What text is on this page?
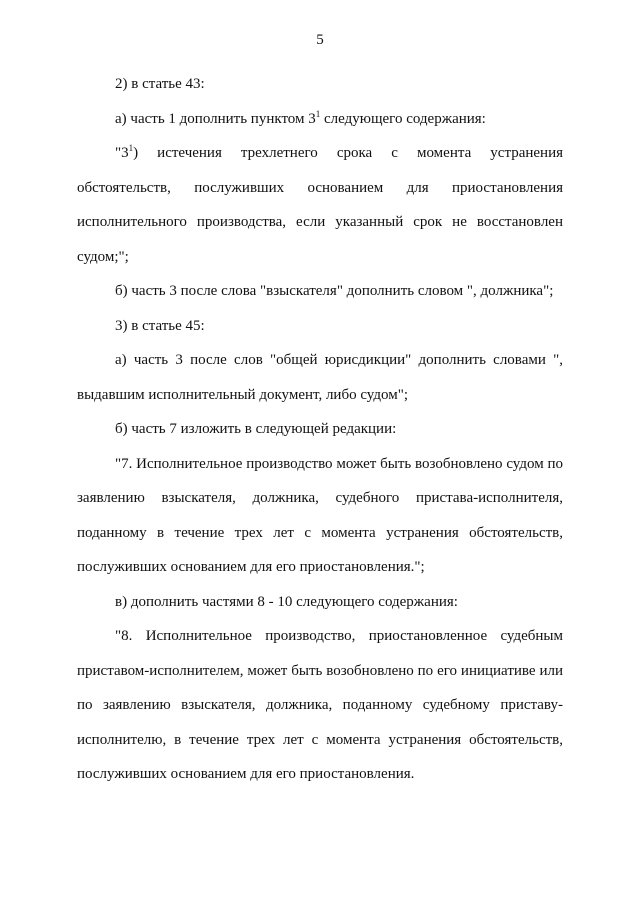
5

2) в статье 43:

а) часть 1 дополнить пунктом $3^1$ следующего содержания:

"$3^1$) истечения трехлетнего срока с момента устранения обстоятельств, послуживших основанием для приостановления исполнительного производства, если указанный срок не восстановлен судом;";

б) часть 3 после слова "взыскателя" дополнить словом ", должника";

3) в статье 45:

а) часть 3 после слов "общей юрисдикции" дополнить словами ", выдавшим исполнительный документ, либо судом";

б) часть 7 изложить в следующей редакции:

"7. Исполнительное производство может быть возобновлено судом по заявлению взыскателя, должника, судебного пристава-исполнителя, поданному в течение трех лет с момента устранения обстоятельств, послуживших основанием для его приостановления.";

в) дополнить частями 8 - 10 следующего содержания:

"8. Исполнительное производство, приостановленное судебным приставом-исполнителем, может быть возобновлено по его инициативе или по заявлению взыскателя, должника, поданному судебному приставу-исполнителю, в течение трех лет с момента устранения обстоятельств, послуживших основанием для его приостановления.
